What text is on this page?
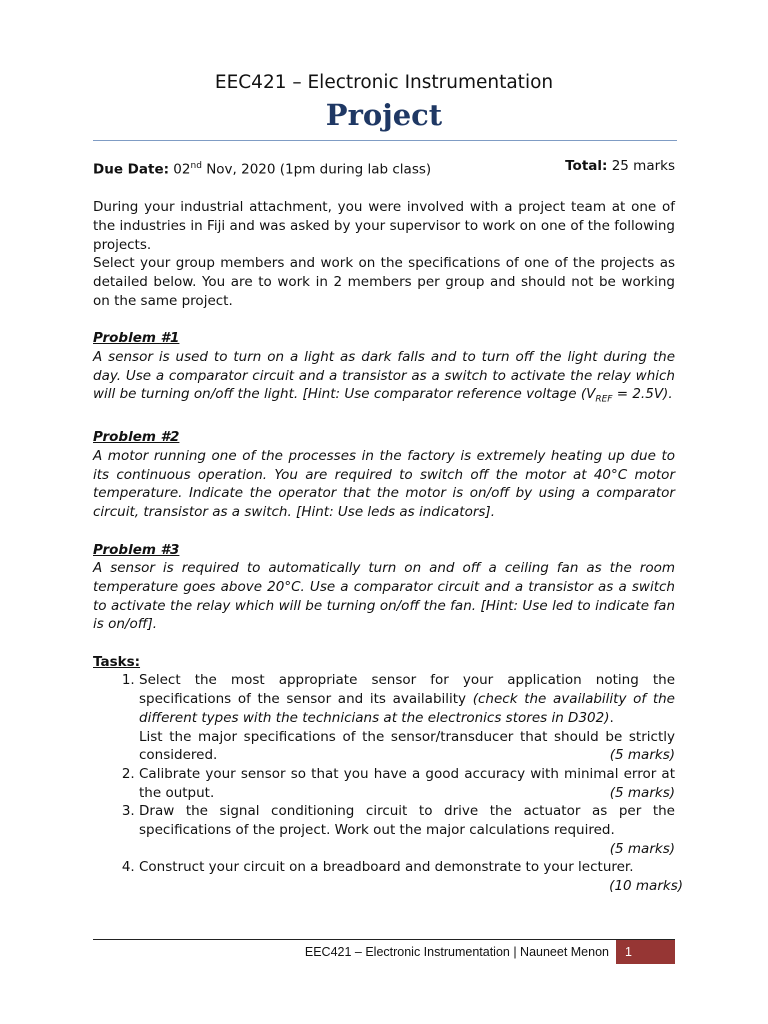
EEC421 – Electronic Instrumentation
Project

Due Date: 02nd Nov, 2020 (1pm during lab class)	Total: 25 marks

During your industrial attachment, you were involved with a project team at one of the industries in Fiji and was asked by your supervisor to work on one of the following projects.

Select your group members and work on the specifications of one of the projects as detailed below. You are to work in 2 members per group and should not be working on the same project.

Problem #1

A sensor is used to turn on a light as dark falls and to turn off the light during the day. Use a comparator circuit and a transistor as a switch to activate the relay which will be turning on/off the light. [Hint: Use comparator reference voltage $(V_{REF} = 2.5V)$.

Problem #2

A motor running one of the processes in the factory is extremely heating up due to its continuous operation. You are required to switch off the motor at 40°C motor temperature. Indicate the operator that the motor is on/off by using a comparator circuit, transistor as a switch. [Hint: Use leds as indicators].

Problem #3

A sensor is required to automatically turn on and off a ceiling fan as the room temperature goes above 20°C. Use a comparator circuit and a transistor as a switch to activate the relay which will be turning on/off the fan. [Hint: Use led to indicate fan is on/off].

Tasks:

1. Select the most appropriate sensor for your application noting the specifications of the sensor and its availability (check the availability of the different types with the technicians at the electronics stores in D302).
List the major specifications of the sensor/transducer that should be strictly considered.	(5 marks)
2. Calibrate your sensor so that you have a good accuracy with minimal error at the output.	(5 marks)
3. Draw the signal conditioning circuit to drive the actuator as per the specifications of the project. Work out the major calculations required.
(5 marks)
4. Construct your circuit on a breadboard and demonstrate to your lecturer.
(10 marks)
EEC421 – Electronic Instrumentation | Nauneet Menon	1
